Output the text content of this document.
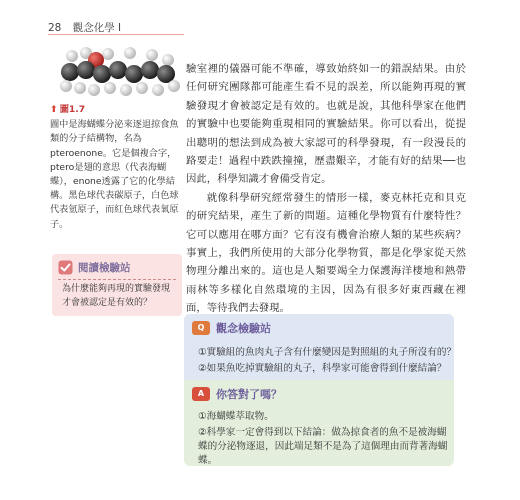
28 觀念化學 I
⬆ 圖1.7
圖中是海蝴蝶分泌來逐退掠食魚類的分子結構物，名為pteroenone。它是個複合字，ptero是翅的意思（代表海蝴蝶），enone透露了它的化學結構。黑色球代表碳原子，白色球代表氫原子，而紅色球代表氧原子。
閱讀檢驗站
為什麼能夠再現的實驗發現才會被認定是有效的？

驗室裡的儀器可能不準確，導致始終如一的錯誤結果。由於任何研究團隊都可能產生看不見的誤差，所以能夠再現的實驗發現才會被認定是有效的。也就是說，其他科學家在他們的實驗中也要能夠重現相同的實驗結果。你可以看出，從提出聰明的想法到成為被大家認可的科學發現，有一段漫長的路要走！過程中跌跌撞撞，歷盡艱辛，才能有好的結果──也因此，科學知識才會備受肯定。

就像科學研究經常發生的情形一樣，麥克林托克和貝克的研究結果，產生了新的問題。這種化學物質有什麼特性？它可以應用在哪方面？它有沒有機會治療人類的某些疾病？事實上，我們所使用的大部分化學物質，都是化學家從天然物理分離出來的。這也是人類要竭全力保護海洋棲地和熱帶雨林等多樣化自然環境的主因，因為有很多好東西藏在裡面，等待我們去發現。

Q	觀念檢驗站
①實驗組的魚肉丸子含有什麼變因是對照組的丸子所沒有的？
②如果魚吃掉實驗組的丸子，科學家可能會得到什麼結論？
A	你答對了嗎？
①海蝴蝶萃取物。
②科學家一定會得到以下結論：做為掠食者的魚不是被海蝴蝶的分泌物逐退，因此端足類不是為了這個理由而背著海蝴蝶。
